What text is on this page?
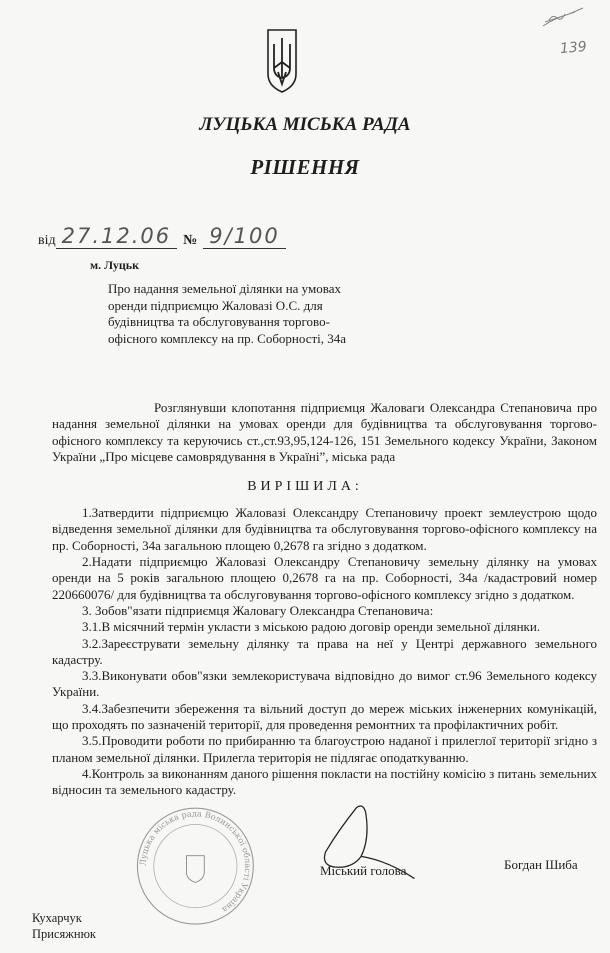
139
ЛУЦЬКА МІСЬКА РАДА
РІШЕННЯ
від 27.12.06 № 9/100
м. Луцьк
Про надання земельної ділянки на умовах
оренди підприємцю Жаловазі О.С. для
будівництва та обслуговування торгово-
офісного комплексу на пр. Соборності, 34а

Розглянувши клопотання підприємця Жаловаги Олександра Степановича про надання земельної ділянки на умовах оренди для будівництва та обслуговування торгово-офісного комплексу та керуючись ст.,ст.93,95,124-126, 151 Земельного кодексу України, Законом України „Про місцеве самоврядування в Україні”, міська рада

ВИРІШИЛА:

1.Затвердити підприємцю Жаловазі Олександру Степановичу проект землеустрою щодо відведення земельної ділянки для будівництва та обслуговування торгово-офісного комплексу на пр. Соборності, 34а загальною площею 0,2678 га згідно з додатком.

2.Надати підприємцю Жаловазі Олександру Степановичу земельну ділянку на умовах оренди на 5 років загальною площею 0,2678 га на пр. Соборності, 34а /кадастровий номер 220660076/ для будівництва та обслуговування торгово-офісного комплексу згідно з додатком.

3. Зобов"язати підприємця Жаловагу Олександра Степановича:

3.1.В місячний термін укласти з міською радою договір оренди земельної ділянки.

3.2.Зареєструвати земельну ділянку та права на неї у Центрі державного земельного кадастру.

3.3.Виконувати обов"язки землекористувача відповідно до вимог ст.96 Земельного кодексу України.

3.4.Забезпечити збереження та вільний доступ до мереж міських інженерних комунікацій, що проходять по зазначеній території, для проведення ремонтних та профілактичних робіт.

3.5.Проводити роботи по прибиранню та благоустрою наданої і прилеглої території згідно з планом земельної ділянки. Прилегла територія не підлягає оподаткуванню.

4.Контроль за виконанням даного рішення покласти на постійну комісію з питань земельних відносин та земельного кадастру.

Луцька міська рада Волинської області Україна
Міський голова	Богдан Шиба
Кухарчук
Присяжнюк
